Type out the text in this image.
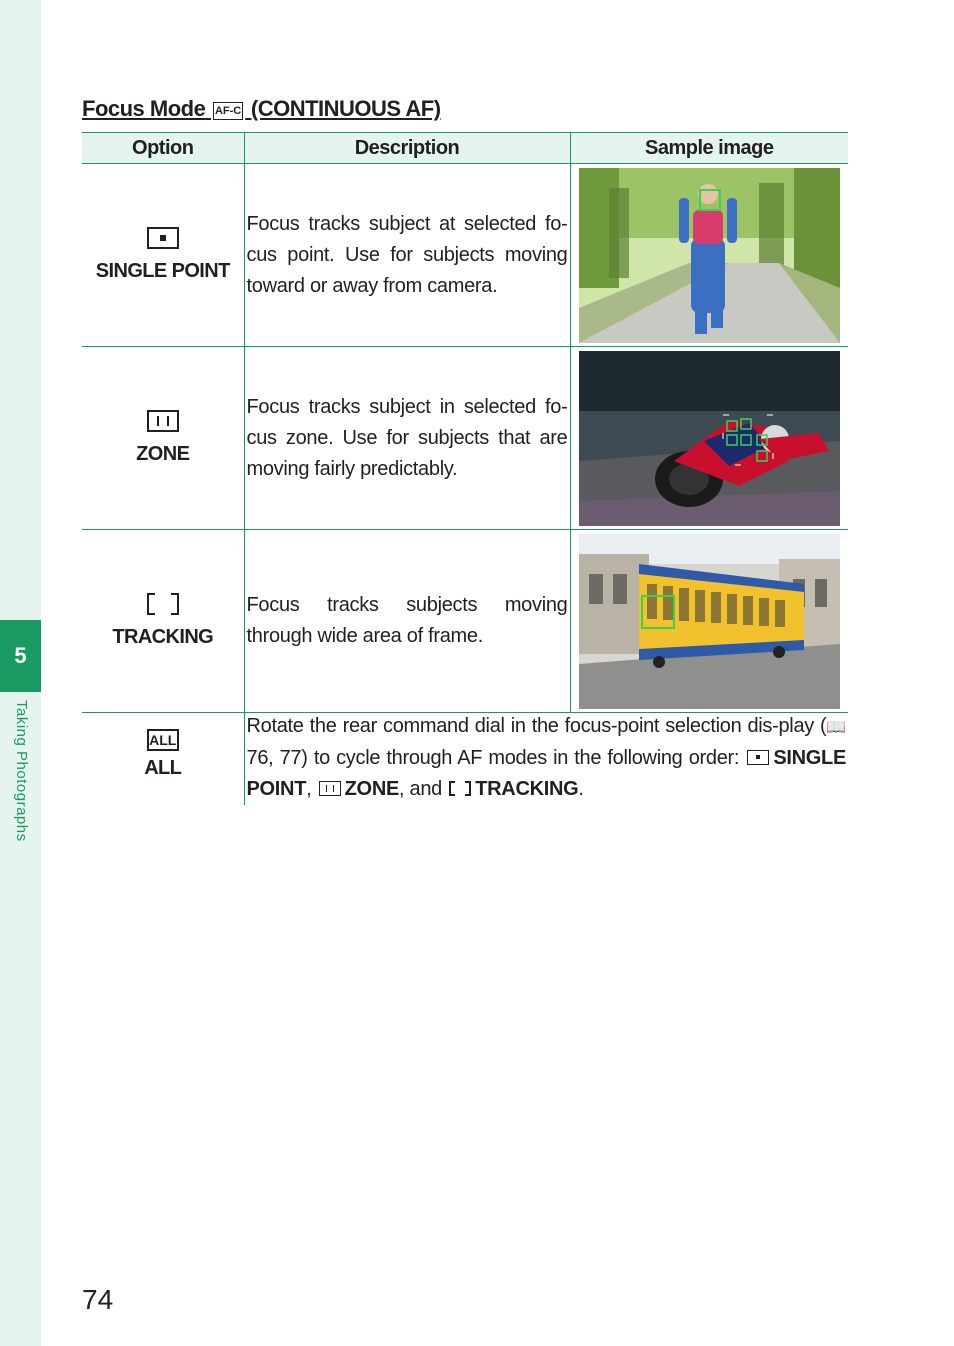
5
Taking Photographs
Focus Mode AF-C (CONTINUOUS AF)
Option	Description	Sample image

SINGLE POINT	Focus tracks subject at selected fo-cus point. Use for subjects moving toward or away from camera.

ZONE	Focus tracks subject in selected fo-cus zone. Use for subjects that are moving fairly predictably.

TRACKING	Focus tracks subjects moving through wide area of frame.

ALL
ALL	Rotate the rear command dial in the focus-point selection dis-play (📖 76, 77) to cycle through AF modes in the following order: SINGLE POINT, ZONE, and TRACKING.	
74
